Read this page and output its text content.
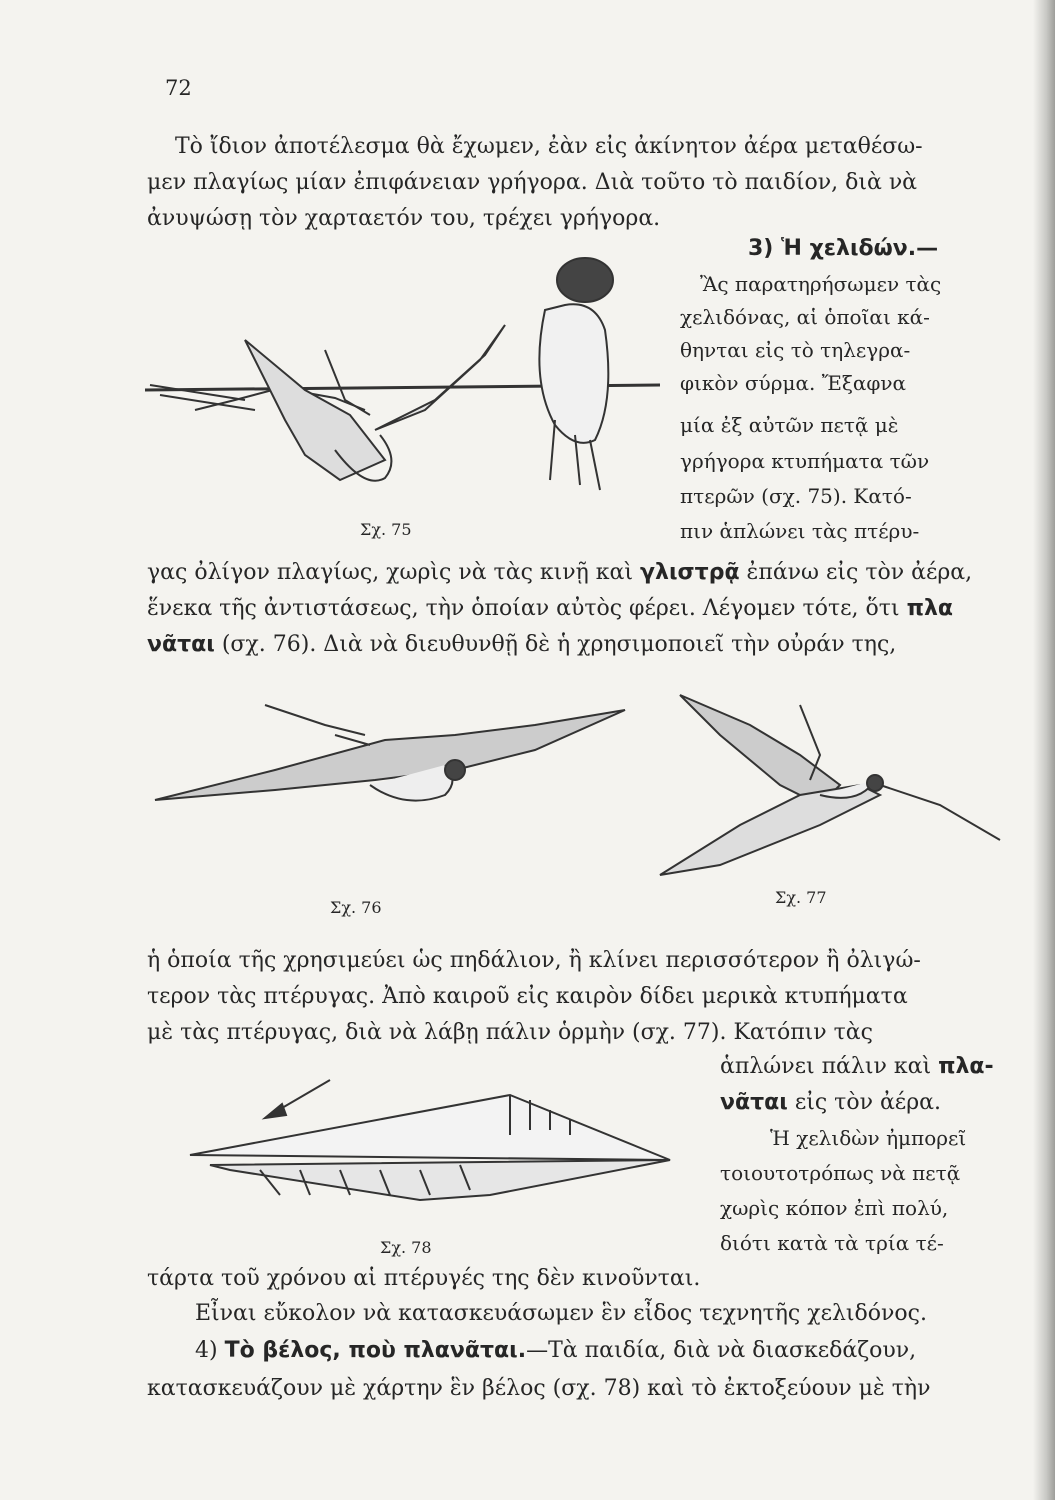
72
Τὸ ἴδιον ἀποτέλεσμα θὰ ἔχωμεν, ἐὰν εἰς ἀκίνητον ἀέρα μεταθέσω-
μεν πλαγίως μίαν ἐπιφάνειαν γρήγορα. Διὰ τοῦτο τὸ παιδίον, διὰ νὰ
ἀνυψώσῃ τὸν χαρταετόν του, τρέχει γρήγορα.
3) Ἡ χελιδών.—
Ἂς παρατηρήσωμεν τὰς
χελιδόνας, αἱ ὁποῖαι κά-
θηνται εἰς τὸ τηλεγρα-
φικὸν σύρμα. Ἔξαφνα
μία ἐξ αὐτῶν πετᾷ μὲ
γρήγορα κτυπήματα τῶν
πτερῶν (σχ. 75). Κατό-
πιν ἁπλώνει τὰς πτέρυ-
Σχ. 75
γας ὀλίγον πλαγίως, χωρὶς νὰ τὰς κινῇ καὶ γλιστρᾷ ἐπάνω εἰς τὸν ἀέρα,
ἕνεκα τῆς ἀντιστάσεως, τὴν ὁποίαν αὐτὸς φέρει. Λέγομεν τότε, ὅτι πλα
νᾶται (σχ. 76). Διὰ νὰ διευθυνθῇ δὲ ἡ χρησιμοποιεῖ τὴν οὐράν της,
Σχ. 76
Σχ. 77
ἡ ὁποία τῆς χρησιμεύει ὡς πηδάλιον, ἢ κλίνει περισσότερον ἢ ὀλιγώ-
τερον τὰς πτέρυγας. Ἀπὸ καιροῦ εἰς καιρὸν δίδει μερικὰ κτυπήματα
μὲ τὰς πτέρυγας, διὰ νὰ λάβῃ πάλιν ὁρμὴν (σχ. 77). Κατόπιν τὰς
ἁπλώνει πάλιν καὶ πλα-
νᾶται εἰς τὸν ἀέρα.
Ἡ χελιδὼν ἠμπορεῖ
τοιουτοτρόπως νὰ πετᾷ
χωρὶς κόπον ἐπὶ πολύ,
διότι κατὰ τὰ τρία τέ-
Σχ. 78
τάρτα τοῦ χρόνου αἱ πτέρυγές της δὲν κινοῦνται.
Εἶναι εὔκολον νὰ κατασκευάσωμεν ἓν εἶδος τεχνητῆς χελιδόνος.
4) Τὸ βέλος, ποὺ πλανᾶται.—Τὰ παιδία, διὰ νὰ διασκεδάζουν,
κατασκευάζουν μὲ χάρτην ἓν βέλος (σχ. 78) καὶ τὸ ἐκτοξεύουν μὲ τὴν
